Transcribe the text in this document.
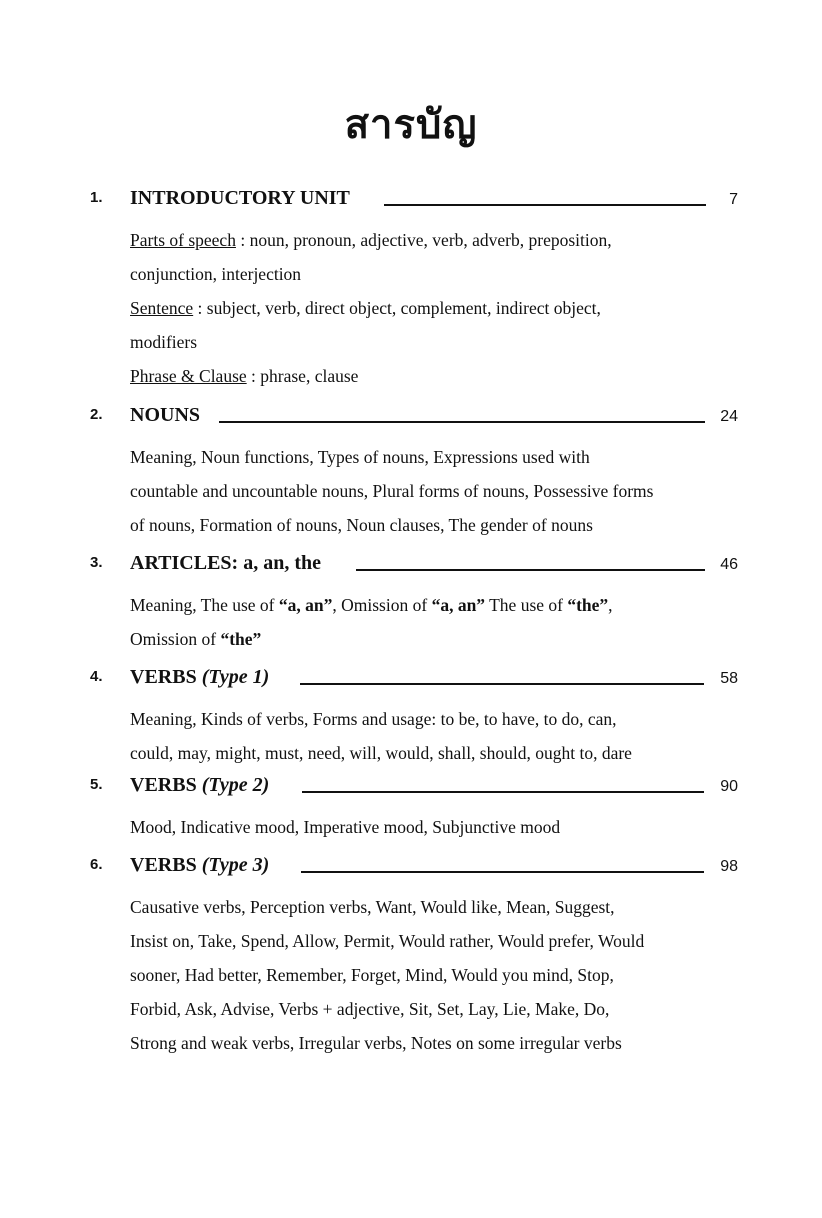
สารบัญ
1. INTRODUCTORY UNIT	7
Parts of speech : noun, pronoun, adjective, verb, adverb, preposition,
conjunction, interjection
Sentence : subject, verb, direct object, complement, indirect object,
modifiers
Phrase & Clause : phrase, clause
2. NOUNS	24
Meaning, Noun functions, Types of nouns, Expressions used with
countable and uncountable nouns, Plural forms of nouns, Possessive forms
of nouns, Formation of nouns, Noun clauses, The gender of nouns
3. ARTICLES: a, an, the	46
Meaning, The use of “a, an”, Omission of “a, an” The use of “the”,
Omission of “the”
4. VERBS (Type 1)	58
Meaning, Kinds of verbs, Forms and usage: to be, to have, to do, can,
could, may, might, must, need, will, would, shall, should, ought to, dare
5. VERBS (Type 2)	90
Mood, Indicative mood, Imperative mood, Subjunctive mood
6. VERBS (Type 3)	98
Causative verbs, Perception verbs, Want, Would like, Mean, Suggest,
Insist on, Take, Spend, Allow, Permit, Would rather, Would prefer, Would
sooner, Had better, Remember, Forget, Mind, Would you mind, Stop,
Forbid, Ask, Advise, Verbs + adjective, Sit, Set, Lay, Lie, Make, Do,
Strong and weak verbs, Irregular verbs, Notes on some irregular verbs
